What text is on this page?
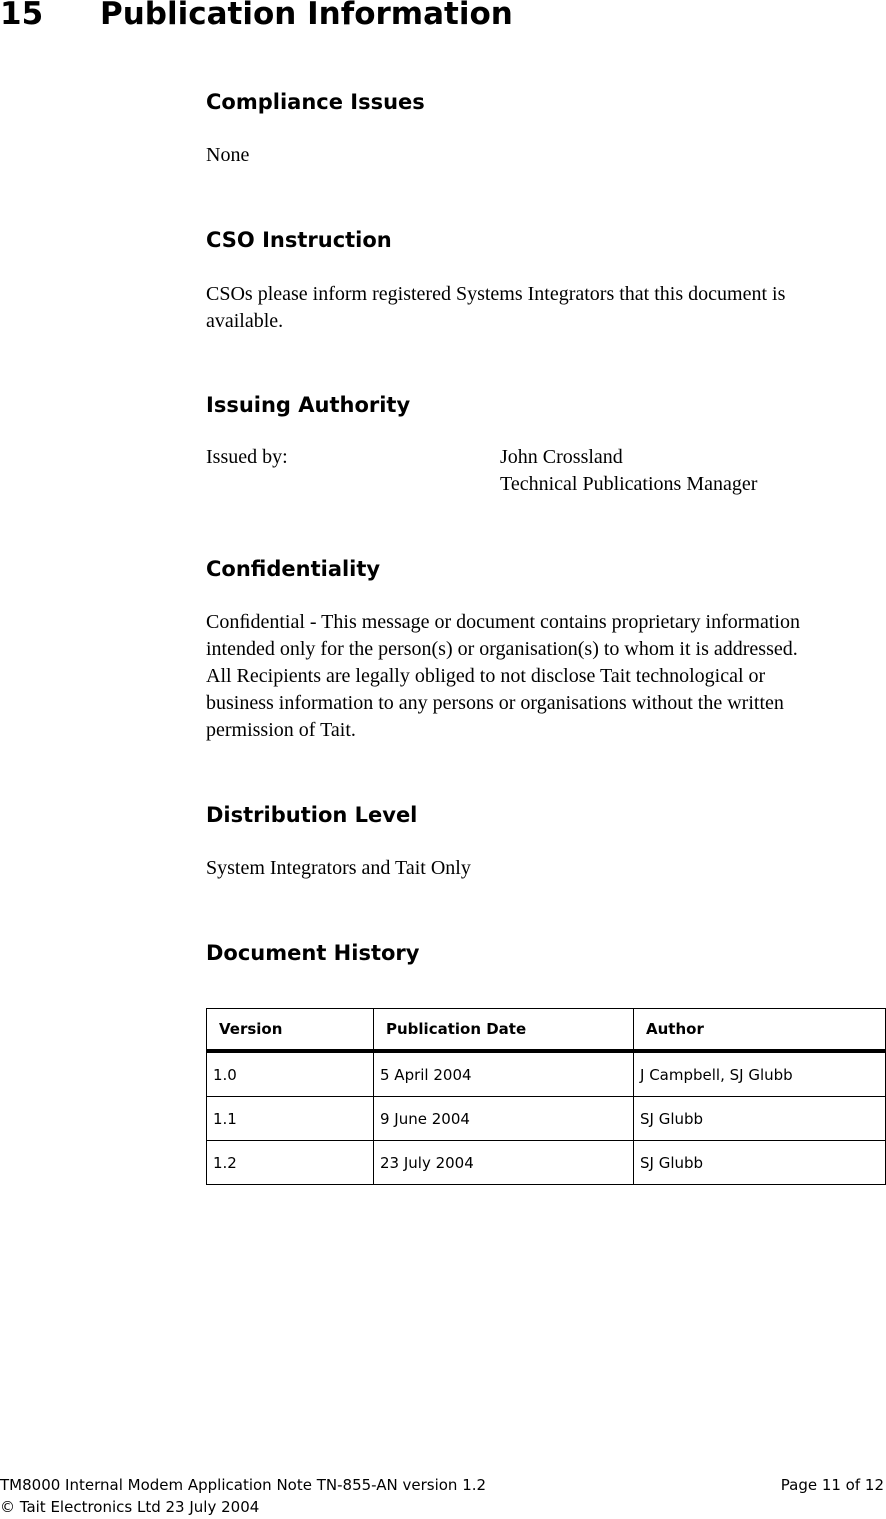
15 Publication Information
Compliance Issues
None
CSO Instruction
CSOs please inform registered Systems Integrators that this document is
available.
Issuing Authority
Issued by:	John Crossland
Technical Publications Manager
Confidentiality
Conﬁdential - This message or document contains proprietary information
intended only for the person(s) or organisation(s) to whom it is addressed.
All Recipients are legally obliged to not disclose Tait technological or
business information to any persons or organisations without the written
permission of Tait.
Distribution Level
System Integrators and Tait Only
Document History
Version	Publication Date	Author
1.0	5 April 2004	J Campbell, SJ Glubb
1.1	9 June 2004	SJ Glubb
1.2	23 July 2004	SJ Glubb
TM8000 Internal Modem Application Note TN-855-AN version 1.2
© Tait Electronics Ltd 23 July 2004
Page 11 of 12
